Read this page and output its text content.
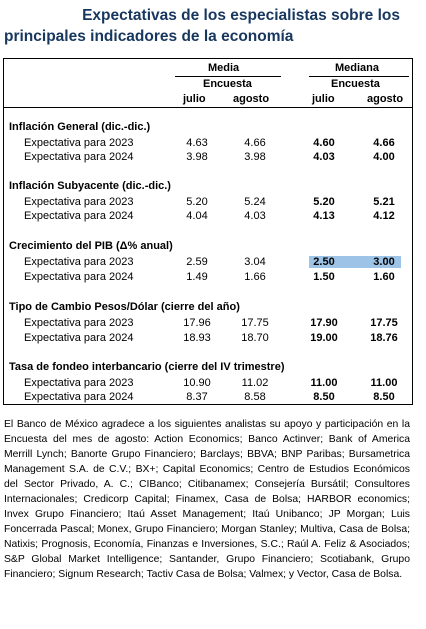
Expectativas de los especialistas sobre los
principales indicadores de la economía
Media	Mediana
Encuesta	Encuesta
julio agosto	julio	agosto
Inflación General (dic.-dic.)
Expectativa para 2023	4.63	4.66	4.60	4.66
Expectativa para 2024	3.98	3.98	4.03	4.00
Inflación Subyacente (dic.-dic.)
Expectativa para 2023	5.20	5.24	5.20	5.21
Expectativa para 2024	4.04	4.03	4.13	4.12
Crecimiento del PIB (Δ% anual)
Expectativa para 2023	2.59	3.04	2.50	3.00
Expectativa para 2024	1.49	1.66	1.50	1.60
Tipo de Cambio Pesos/Dólar (cierre del año)
Expectativa para 2023	17.96	17.75	17.90	17.75
Expectativa para 2024	18.93	18.70	19.00	18.76
Tasa de fondeo interbancario (cierre del IV trimestre)
Expectativa para 2023	10.90	11.02	11.00	11.00
Expectativa para 2024	8.37	8.58	8.50	8.50
El Banco de México agradece a los siguientes analistas su apoyo y participación en la Encuesta del mes de agosto: Action Economics; Banco Actinver; Bank of America Merrill Lynch; Banorte Grupo Financiero; Barclays; BBVA; BNP Paribas; Bursametrica Management S.A. de C.V.; BX+; Capital Economics; Centro de Estudios Económicos del Sector Privado, A. C.; CIBanco; Citibanamex; Consejería Bursátil; Consultores Internacionales; Credicorp Capital; Finamex, Casa de Bolsa; HARBOR economics; Invex Grupo Financiero; Itaú Asset Management; Itaú Unibanco; JP Morgan; Luis Foncerrada Pascal; Monex, Grupo Financiero; Morgan Stanley; Multiva, Casa de Bolsa; Natixis; Prognosis, Economía, Finanzas e Inversiones, S.C.; Raúl A. Feliz & Asociados; S&P Global Market Intelligence; Santander, Grupo Financiero; Scotiabank, Grupo Financiero; Signum Research; Tactiv Casa de Bolsa; Valmex; y Vector, Casa de Bolsa.
